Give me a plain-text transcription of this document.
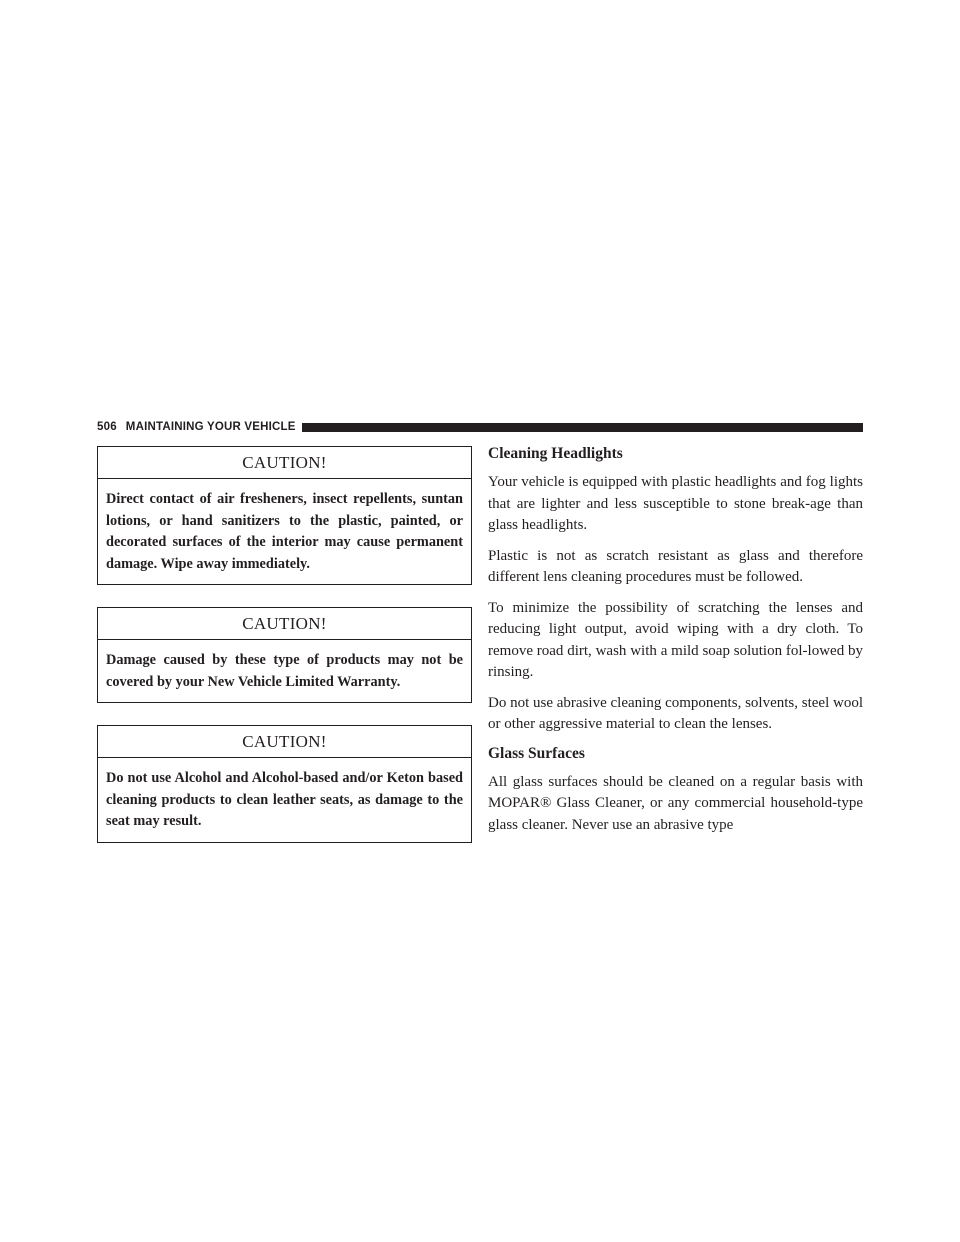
506 MAINTAINING YOUR VEHICLE
CAUTION!
Direct contact of air fresheners, insect repellents, suntan lotions, or hand sanitizers to the plastic, painted, or decorated surfaces of the interior may cause permanent damage. Wipe away immediately.
CAUTION!
Damage caused by these type of products may not be covered by your New Vehicle Limited Warranty.
CAUTION!
Do not use Alcohol and Alcohol-based and/or Keton based cleaning products to clean leather seats, as damage to the seat may result.
Cleaning Headlights

Your vehicle is equipped with plastic headlights and fog lights that are lighter and less susceptible to stone break-age than glass headlights.

Plastic is not as scratch resistant as glass and therefore different lens cleaning procedures must be followed.

To minimize the possibility of scratching the lenses and reducing light output, avoid wiping with a dry cloth. To remove road dirt, wash with a mild soap solution fol-lowed by rinsing.

Do not use abrasive cleaning components, solvents, steel wool or other aggressive material to clean the lenses.

Glass Surfaces

All glass surfaces should be cleaned on a regular basis with MOPAR® Glass Cleaner, or any commercial household-type glass cleaner. Never use an abrasive type
